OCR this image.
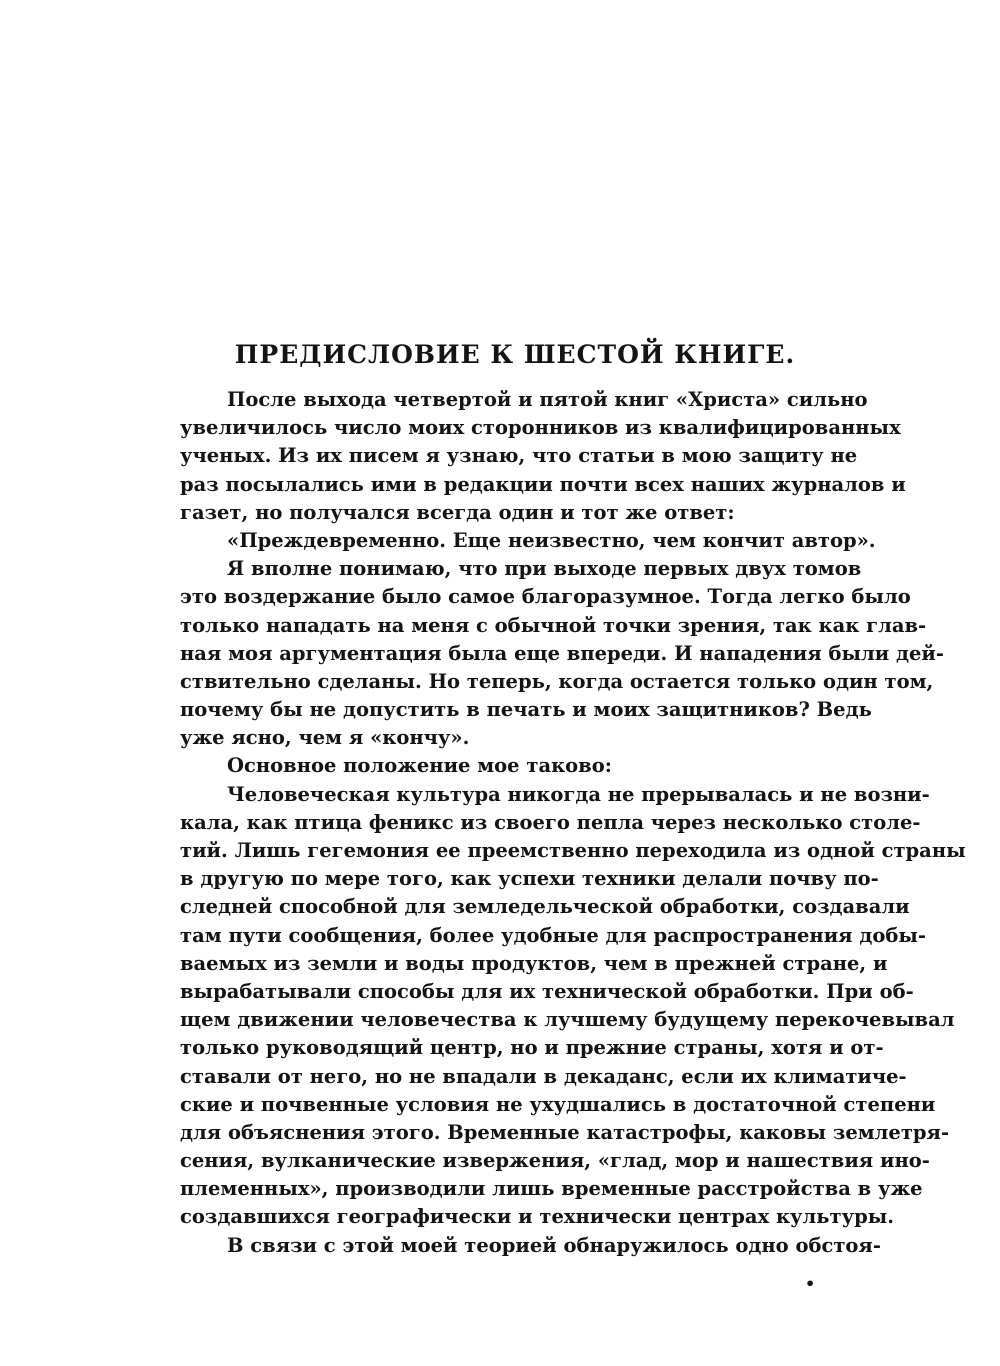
ПРЕДИСЛОВИЕ К ШЕСТОЙ КНИГЕ.
После выхода четвертой и пятой книг «Христа» сильно
увеличилось число моих сторонников из квалифицированных
ученых. Из их писем я узнаю, что статьи в мою защиту не
раз посылались ими в редакции почти всех наших журналов и
газет, но получался всегда один и тот же ответ:
«Преждевременно. Еще неизвестно, чем кончит автор».
Я вполне понимаю, что при выходе первых двух томов
это воздержание было самое благоразумное. Тогда легко было
только нападать на меня с обычной точки зрения, так как глав-
ная моя аргументация была еще впереди. И нападения были дей-
ствительно сделаны. Но теперь, когда остается только один том,
почему бы не допустить в печать и моих защитников? Ведь
уже ясно, чем я «кончу».
Основное положение мое таково:
Человеческая культура никогда не прерывалась и не возни-
кала, как птица феникс из своего пепла через несколько столе-
тий. Лишь гегемония ее преемственно переходила из одной страны
в другую по мере того, как успехи техники делали почву по-
следней способной для земледельческой обработки, создавали
там пути сообщения, более удобные для распространения добы-
ваемых из земли и воды продуктов, чем в прежней стране, и
вырабатывали способы для их технической обработки. При об-
щем движении человечества к лучшему будущему перекочевывал
только руководящий центр, но и прежние страны, хотя и от-
ставали от него, но не впадали в декаданс, если их климатиче-
ские и почвенные условия не ухудшались в достаточной степени
для объяснения этого. Временные катастрофы, каковы землетря-
сения, вулканические извержения, «глад, мор и нашествия ино-
племенных», производили лишь временные расстройства в уже
создавшихся географически и технически центрах культуры.
В связи с этой моей теорией обнаружилось одно обстоя-
•
